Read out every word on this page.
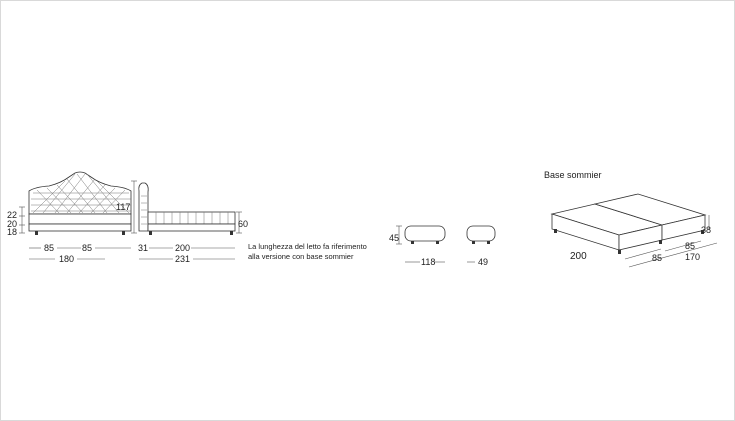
22
20
18
85	85
180
117
60
31	200
231
La lunghezza del letto fa riferimento
alla versione con base sommier
45
118	49
Base sommier
38
200
85
85	170
